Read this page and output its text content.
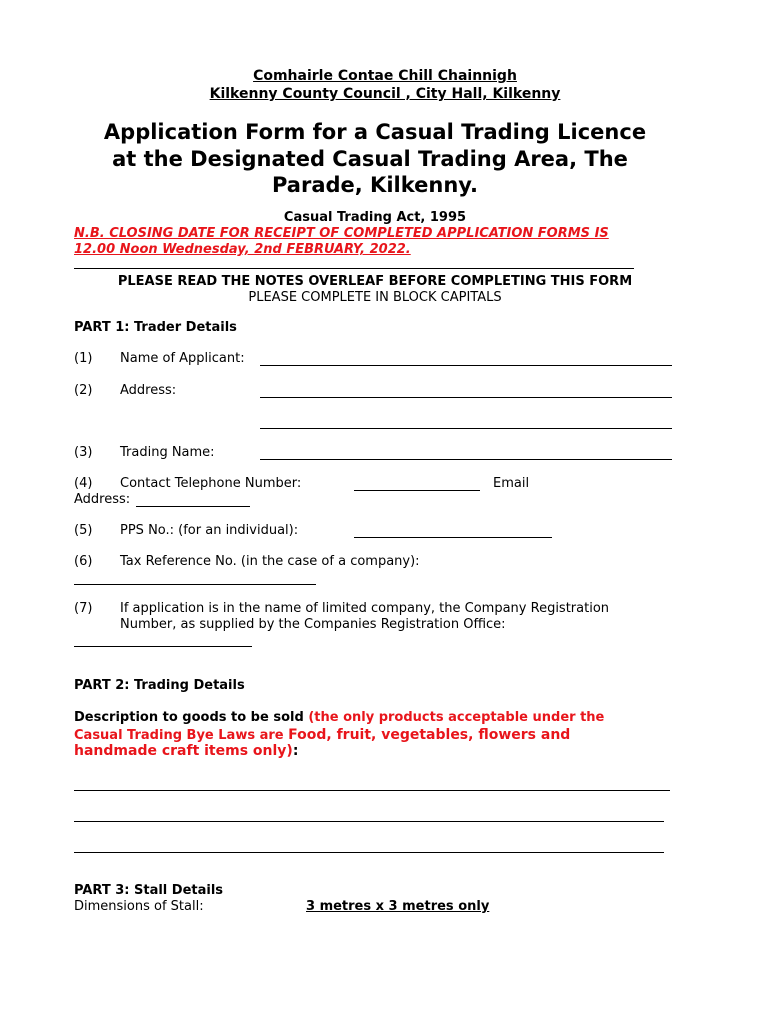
Comhairle Contae Chill Chainnigh
Kilkenny County Council , City Hall, Kilkenny
Application Form for a Casual Trading Licence
at the Designated Casual Trading Area, The
Parade, Kilkenny.
Casual Trading Act, 1995
N.B. CLOSING DATE FOR RECEIPT OF COMPLETED APPLICATION FORMS IS
12.00 Noon Wednesday, 2nd FEBRUARY, 2022.
PLEASE READ THE NOTES OVERLEAF BEFORE COMPLETING THIS FORM
PLEASE COMPLETE IN BLOCK CAPITALS
PART 1: Trader Details
(1) Name of Applicant:
(2) Address:
(3) Trading Name:
(4) Contact Telephone Number:	Email
Address:
(5) PPS No.: (for an individual):
(6) Tax Reference No. (in the case of a company):
(7) If application is in the name of limited company, the Company Registration
Number, as supplied by the Companies Registration Office:
PART 2: Trading Details
Description to goods to be sold (the only products acceptable under the
Casual Trading Bye Laws are Food, fruit, vegetables, flowers and
handmade craft items only):
PART 3: Stall Details
Dimensions of Stall:	3 metres x 3 metres only
